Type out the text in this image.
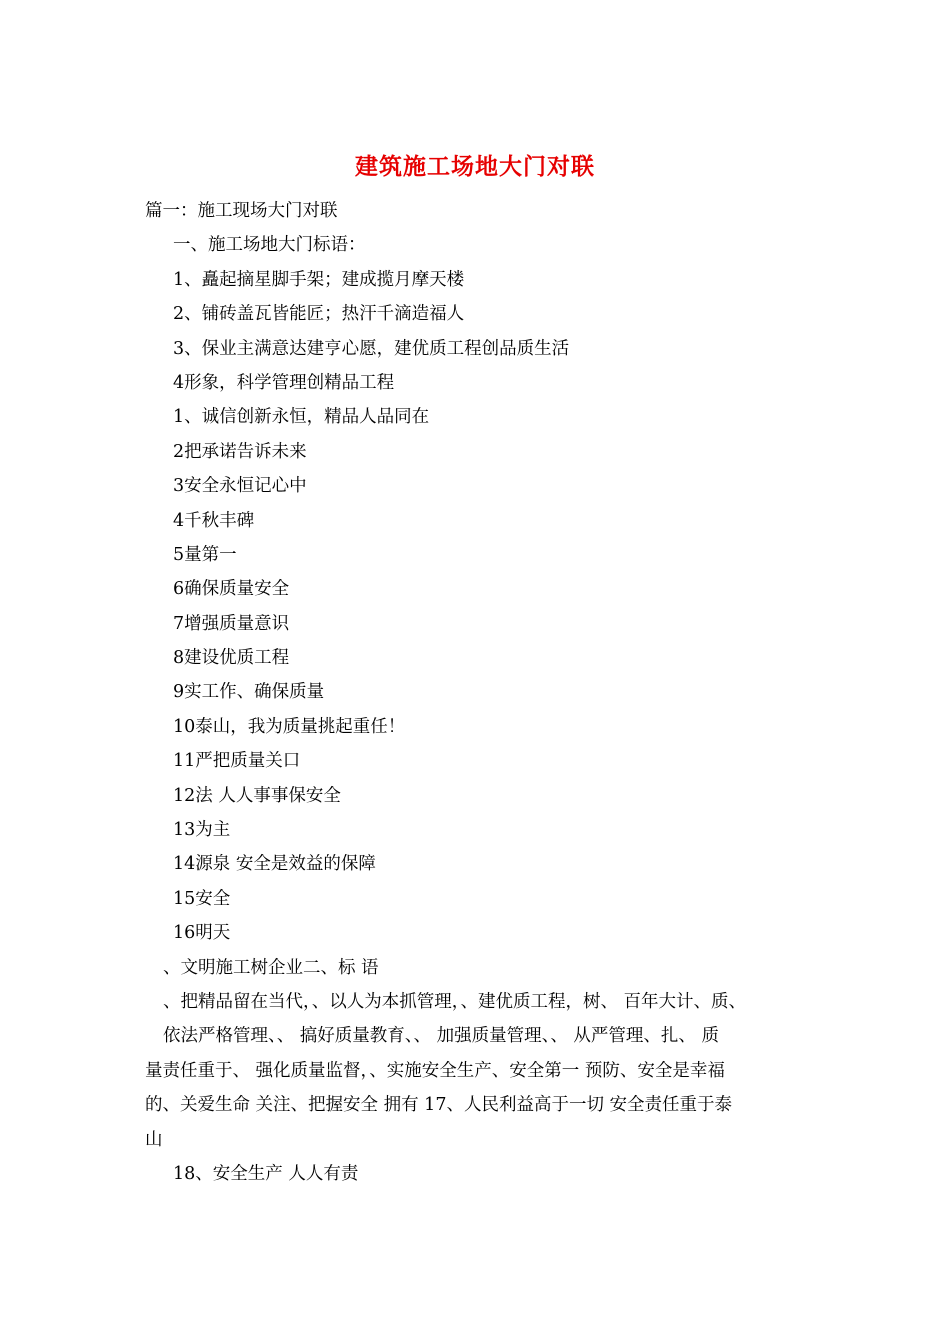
建筑施工场地大门对联
篇一：施工现场大门对联
一、施工场地大门标语：
1、矗起摘星脚手架；建成揽月摩天楼
2、铺砖盖瓦皆能匠；热汗千滴造福人
3、保业主满意达建亨心愿，建优质工程创品质生活
4形象，科学管理创精品工程
1、诚信创新永恒，精品人品同在
2把承诺告诉未来
3安全永恒记心中
4千秋丰碑
5量第一
6确保质量安全
7增强质量意识
8建设优质工程
9实工作、确保质量
10泰山，我为质量挑起重任！
11严把质量关口
12法 人人事事保安全
13为主
14源泉 安全是效益的保障
15安全
16明天
、文明施工树企业二、标 语
、把精品留在当代，、以人为本抓管理，、建优质工程，树、 百年大计、质、
依法严格管理、、 搞好质量教育、、 加强质量管理、、 从严管理、扎、 质
量责任重于、 强化质量监督，、实施安全生产、安全第一 预防、安全是幸福
的、关爱生命 关注、把握安全 拥有 17、人民利益高于一切 安全责任重于泰
山
18、安全生产 人人有责
